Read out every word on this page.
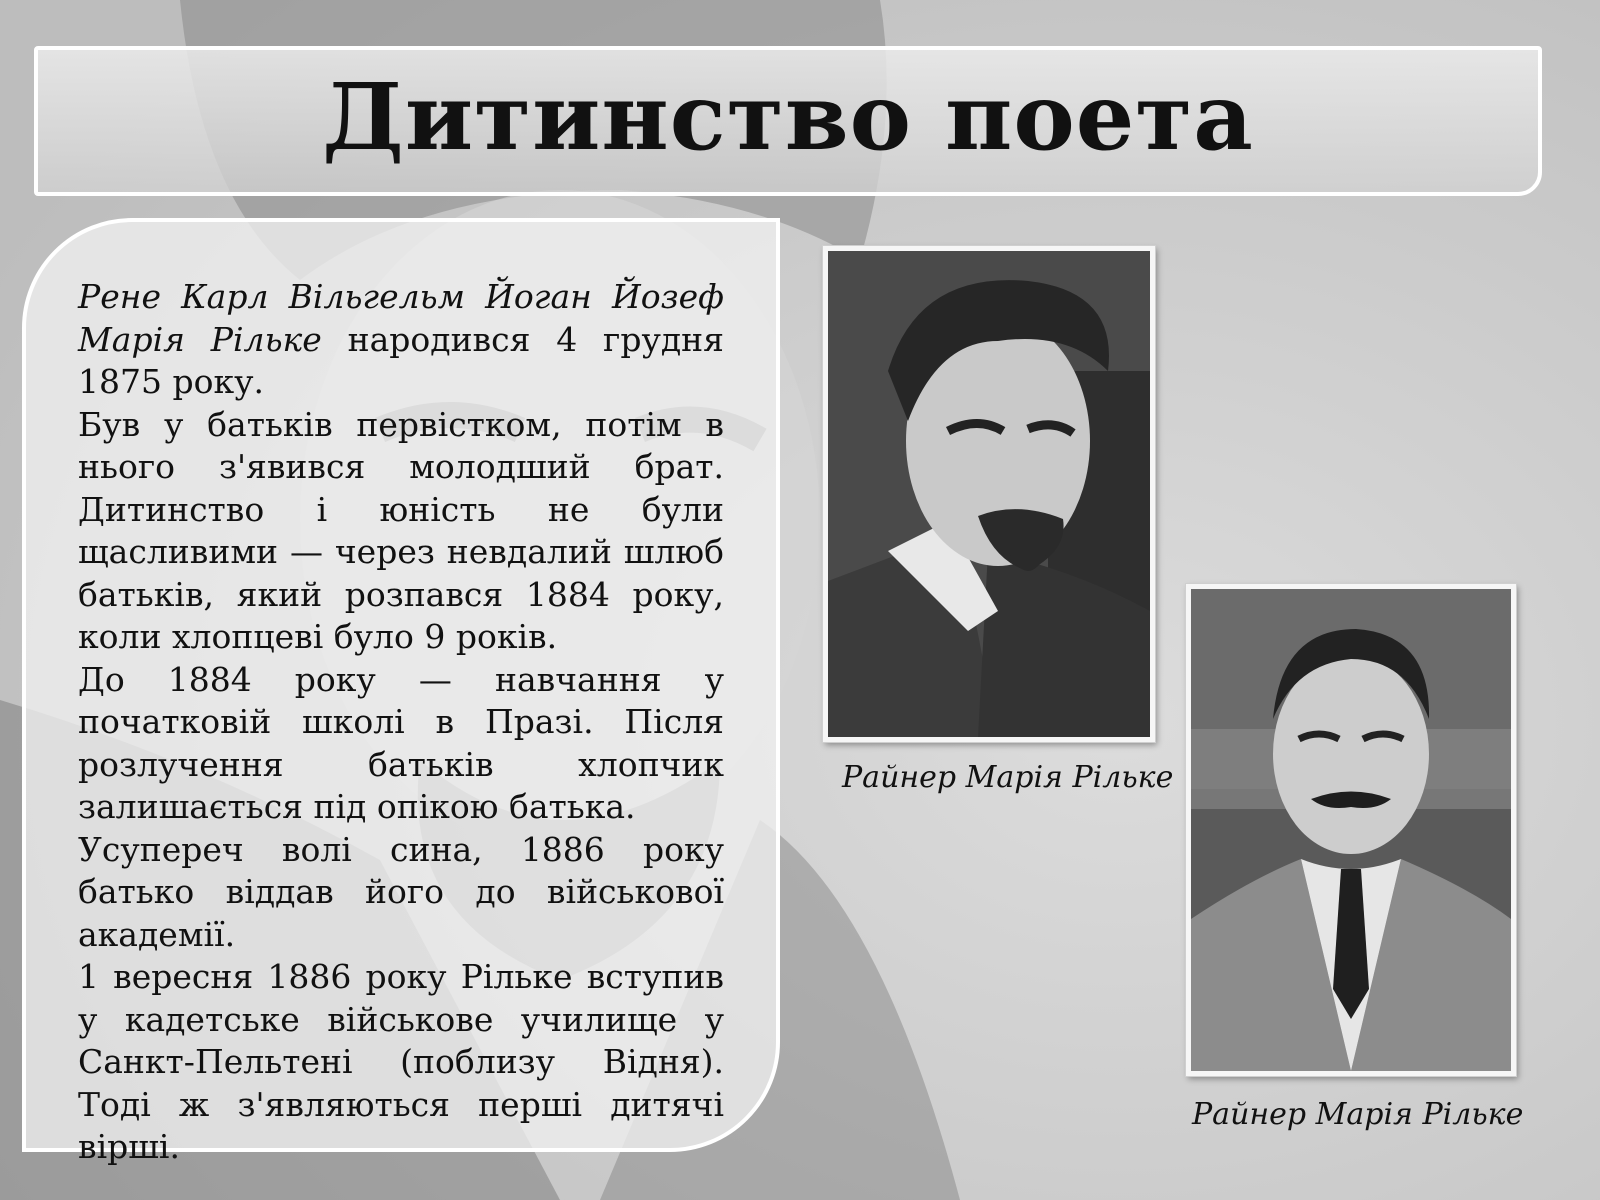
Дитинство поета

Рене Карл Вільгельм Йоган Йозеф Марія Рільке народився 4 грудня 1875 року.

Був у батьків первістком, потім в нього з'явився молодший брат. Дитинство і юність не були щасливими — через невдалий шлюб батьків, який розпався 1884 року, коли хлопцеві було 9 років.

До 1884 року — навчання у початковій школі в Празі. Після розлучення батьків хлопчик залишається під опікою батька.

Усупереч волі сина, 1886 року батько віддав його до військової академії.

1 вересня 1886 року Рільке вступив у кадетське військове училище у Санкт-Пельтені (поблизу Відня). Тоді ж з'являються перші дитячі вірші.

Райнер Марія Рільке
Райнер Марія Рільке
